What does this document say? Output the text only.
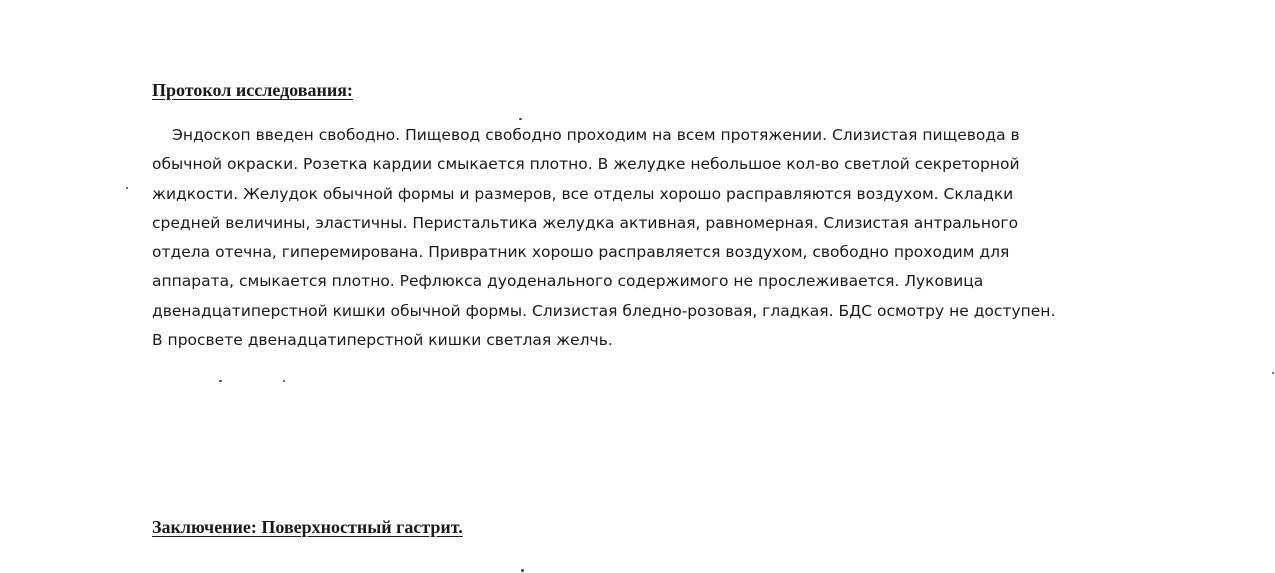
Протокол исследования:
Эндоскоп введен свободно. Пищевод свободно проходим на всем протяжении. Слизистая пищевода в
обычной окраски. Розетка кардии смыкается плотно. В желудке небольшое кол-во светлой секреторной
жидкости. Желудок обычной формы и размеров, все отделы хорошо расправляются воздухом. Складки
средней величины, эластичны. Перистальтика желудка активная, равномерная. Слизистая антрального
отдела отечна, гиперемирована. Привратник хорошо расправляется воздухом, свободно проходим для
аппарата, смыкается плотно. Рефлюкса дуоденального содержимого не прослеживается. Луковица
двенадцатиперстной кишки обычной формы. Слизистая бледно-розовая, гладкая. БДС осмотру не доступен.
В просвете двенадцатиперстной кишки светлая желчь.
Заключение: Поверхностный гастрит.
